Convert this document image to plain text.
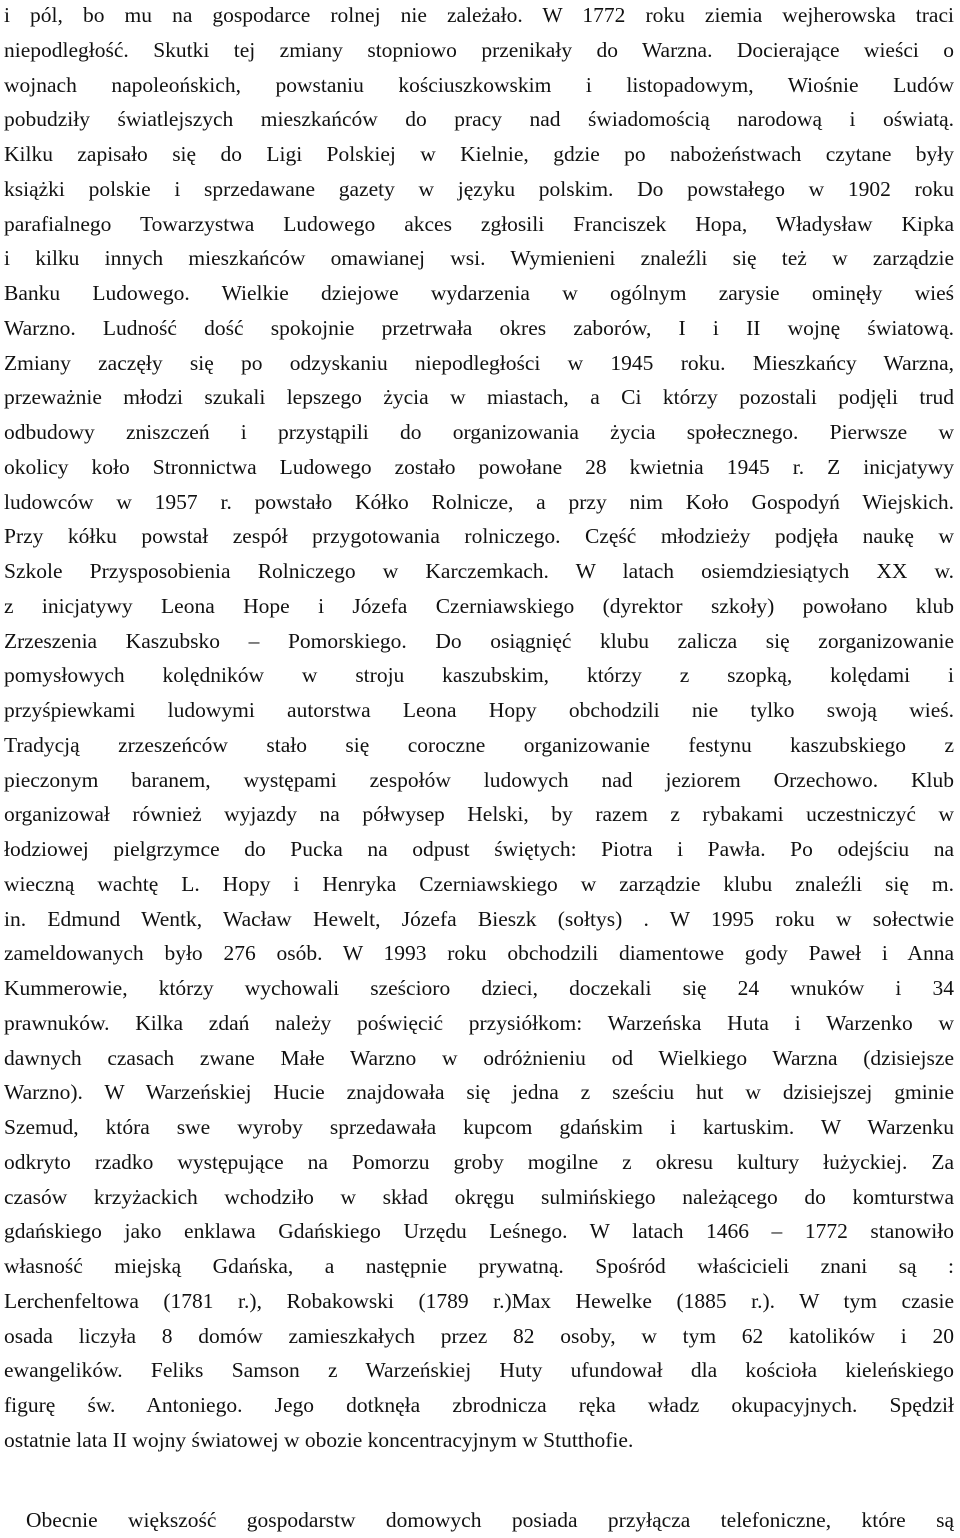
i pól, bo mu na gospodarce rolnej nie zależało. W 1772 roku ziemia wejherowska traci
niepodległość. Skutki tej zmiany stopniowo przenikały do Warzna. Docierające wieści o
wojnach napoleońskich, powstaniu kościuszkowskim i listopadowym, Wiośnie Ludów
pobudziły światlejszych mieszkańców do pracy nad świadomością narodową i oświatą.
Kilku zapisało się do Ligi Polskiej w Kielnie, gdzie po nabożeństwach czytane były
książki polskie i sprzedawane gazety w języku polskim. Do powstałego w 1902 roku
parafialnego Towarzystwa Ludowego akces zgłosili Franciszek Hopa, Władysław Kipka
i kilku innych mieszkańców omawianej wsi. Wymienieni znaleźli się też w zarządzie
Banku Ludowego. Wielkie dziejowe wydarzenia w ogólnym zarysie ominęły wieś
Warzno. Ludność dość spokojnie przetrwała okres zaborów, I i II wojnę światową.
Zmiany zaczęły się po odzyskaniu niepodległości w 1945 roku. Mieszkańcy Warzna,
przeważnie młodzi szukali lepszego życia w miastach, a Ci którzy pozostali podjęli trud
odbudowy zniszczeń i przystąpili do organizowania życia społecznego. Pierwsze w
okolicy koło Stronnictwa Ludowego zostało powołane 28 kwietnia 1945 r. Z inicjatywy
ludowców w 1957 r. powstało Kółko Rolnicze, a przy nim Koło Gospodyń Wiejskich.
Przy kółku powstał zespół przygotowania rolniczego. Część młodzieży podjęła naukę w
Szkole Przysposobienia Rolniczego w Karczemkach. W latach osiemdziesiątych XX w.
z inicjatywy Leona Hope i Józefa Czerniawskiego (dyrektor szkoły) powołano klub
Zrzeszenia Kaszubsko – Pomorskiego. Do osiągnięć klubu zalicza się zorganizowanie
pomysłowych kolędników w stroju kaszubskim, którzy z szopką, kolędami i
przyśpiewkami ludowymi autorstwa Leona Hopy obchodzili nie tylko swoją wieś.
Tradycją zrzeszeńców stało się coroczne organizowanie festynu kaszubskiego z
pieczonym baranem, występami zespołów ludowych nad jeziorem Orzechowo. Klub
organizował również wyjazdy na półwysep Helski, by razem z rybakami uczestniczyć w
łodziowej pielgrzymce do Pucka na odpust świętych: Piotra i Pawła. Po odejściu na
wieczną wachtę L. Hopy i Henryka Czerniawskiego w zarządzie klubu znaleźli się m.
in. Edmund Wentk, Wacław Hewelt, Józefa Bieszk (sołtys) . W 1995 roku w sołectwie
zameldowanych było 276 osób. W 1993 roku obchodzili diamentowe gody Paweł i Anna
Kummerowie, którzy wychowali sześcioro dzieci, doczekali się 24 wnuków i 34
prawnuków. Kilka zdań należy poświęcić przysiółkom: Warzeńska Huta i Warzenko w
dawnych czasach zwane Małe Warzno w odróżnieniu od Wielkiego Warzna (dzisiejsze
Warzno). W Warzeńskiej Hucie znajdowała się jedna z sześciu hut w dzisiejszej gminie
Szemud, która swe wyroby sprzedawała kupcom gdańskim i kartuskim. W Warzenku
odkryto rzadko występujące na Pomorzu groby mogilne z okresu kultury łużyckiej. Za
czasów krzyżackich wchodziło w skład okręgu sulmińskiego należącego do komturstwa
gdańskiego jako enklawa Gdańskiego Urzędu Leśnego. W latach 1466 – 1772 stanowiło
własność miejską Gdańska, a następnie prywatną. Spośród właścicieli znani są :
Lerchenfeltowa (1781 r.), Robakowski (1789 r.)Max Hewelke (1885 r.). W tym czasie
osada liczyła 8 domów zamieszkałych przez 82 osoby, w tym 62 katolików i 20
ewangelików. Feliks Samson z Warzeńskiej Huty ufundował dla kościoła kieleńskiego
figurę św. Antoniego. Jego dotknęła zbrodnicza ręka władz okupacyjnych. Spędził
ostatnie lata II wojny światowej w obozie koncentracyjnym w Stutthofie.
Obecnie większość gospodarstw domowych posiada przyłącza telefoniczne, które są
